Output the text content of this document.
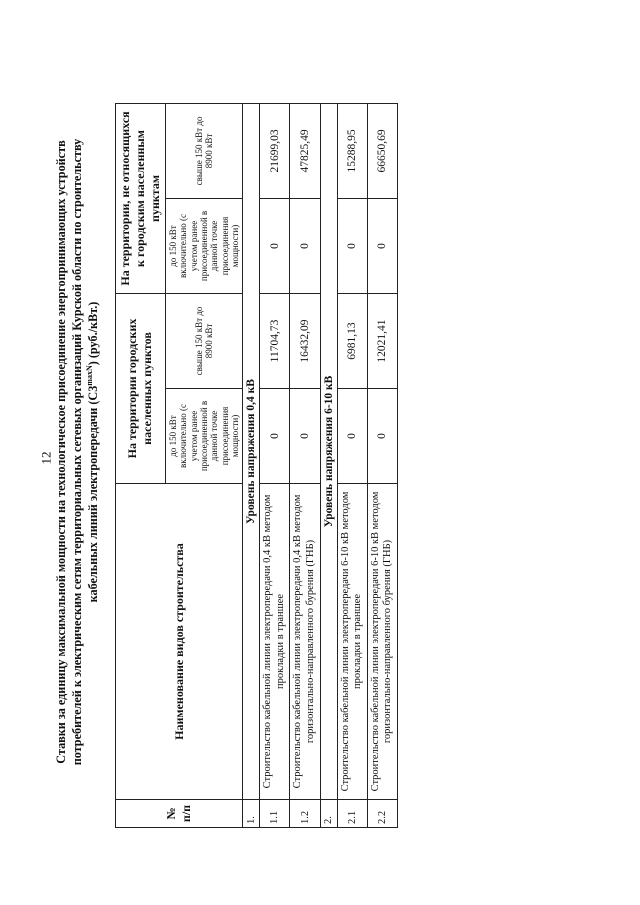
12 Ставки за единицу максимальной мощности на технологическое присоединение энергопринимающих устройств потребителей к электрическим сетям территориальных сетевых организаций Курской области по строительству кабельных линий электропередачи $(С3^{maxN})$ (руб./кВт.)
№ п/п	Наименование видов строительства	На территории городских населенных пунктов		На территории, не относящихся к городским населенным пунктам	
		до 150 кВт включительно (с учетом ранее присоединенной в данной точке присоединения мощности)	свыше 150 кВт до 8900 кВт	до 150 кВт включительно (с учетом ранее присоединенной в данной точке присоединения мощности)	свыше 150 кВт до 8900 кВт
1.	Уровень напряжения 0,4 кВ				
1.1	Строительство кабельной линии электропередачи 0,4 кВ методом прокладки в траншее	0	11704,73	0	21699,03
1.2	Строительство кабельной линии электропередачи 0,4 кВ методом горизонтально-направленного бурения (ГНБ)	0	16432,09	0	47825,49
2.	Уровень напряжения 6-10 кВ				
2.1	Строительство кабельной линии электропередачи 6-10 кВ методом прокладки в траншее	0	6981,13	0	15288,95
2.2	Строительство кабельной линии электропередачи 6-10 кВ методом горизонтально-направленного бурения (ГНБ)	0	12021,41	0	66650,69
